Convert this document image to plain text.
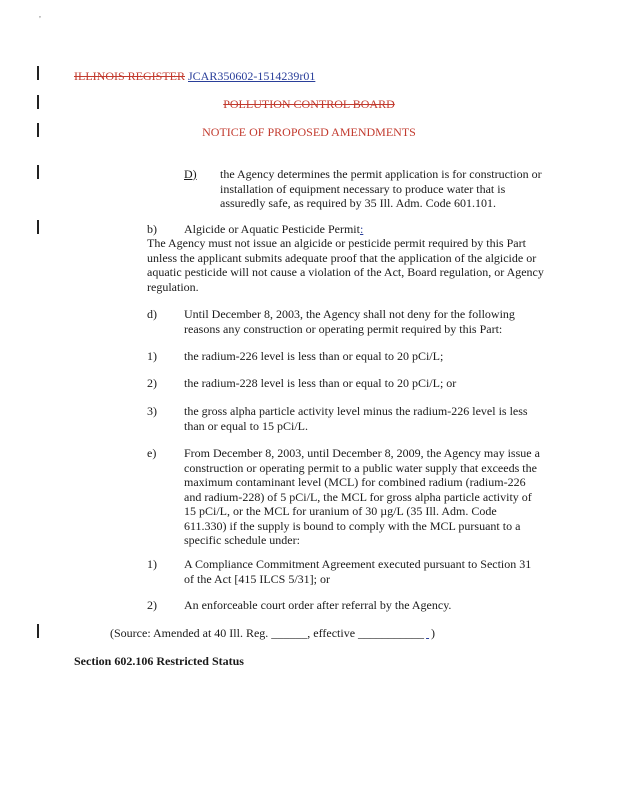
,
ILLINOIS REGISTER JCAR350602-1514239r01
POLLUTION CONTROL BOARD
NOTICE OF PROPOSED AMENDMENTS
D) the Agency determines the permit application is for construction or installation of equipment necessary to produce water that is assuredly safe, as required by 35 Ill. Adm. Code 601.101.
b) Algicide or Aquatic Pesticide Permit:
The Agency must not issue an algicide or pesticide permit required by this Part unless the applicant submits adequate proof that the application of the algicide or aquatic pesticide will not cause a violation of the Act, Board regulation, or Agency regulation.
d) Until December 8, 2003, the Agency shall not deny for the following reasons any construction or operating permit required by this Part:
1) the radium-226 level is less than or equal to 20 pCi/L;
2) the radium-228 level is less than or equal to 20 pCi/L; or
3) the gross alpha particle activity level minus the radium-226 level is less than or equal to 15 pCi/L.
e) From December 8, 2003, until December 8, 2009, the Agency may issue a construction or operating permit to a public water supply that exceeds the maximum contaminant level (MCL) for combined radium (radium-226 and radium-228) of 5 pCi/L, the MCL for gross alpha particle activity of 15 pCi/L, or the MCL for uranium of 30 µg/L (35 Ill. Adm. Code 611.330) if the supply is bound to comply with the MCL pursuant to a specific schedule under:
1) A Compliance Commitment Agreement executed pursuant to Section 31 of the Act [415 ILCS 5/31]; or
2) An enforceable court order after referral by the Agency.
(Source: Amended at 40 Ill. Reg. ______, effective ___________ )
Section 602.106 Restricted Status
